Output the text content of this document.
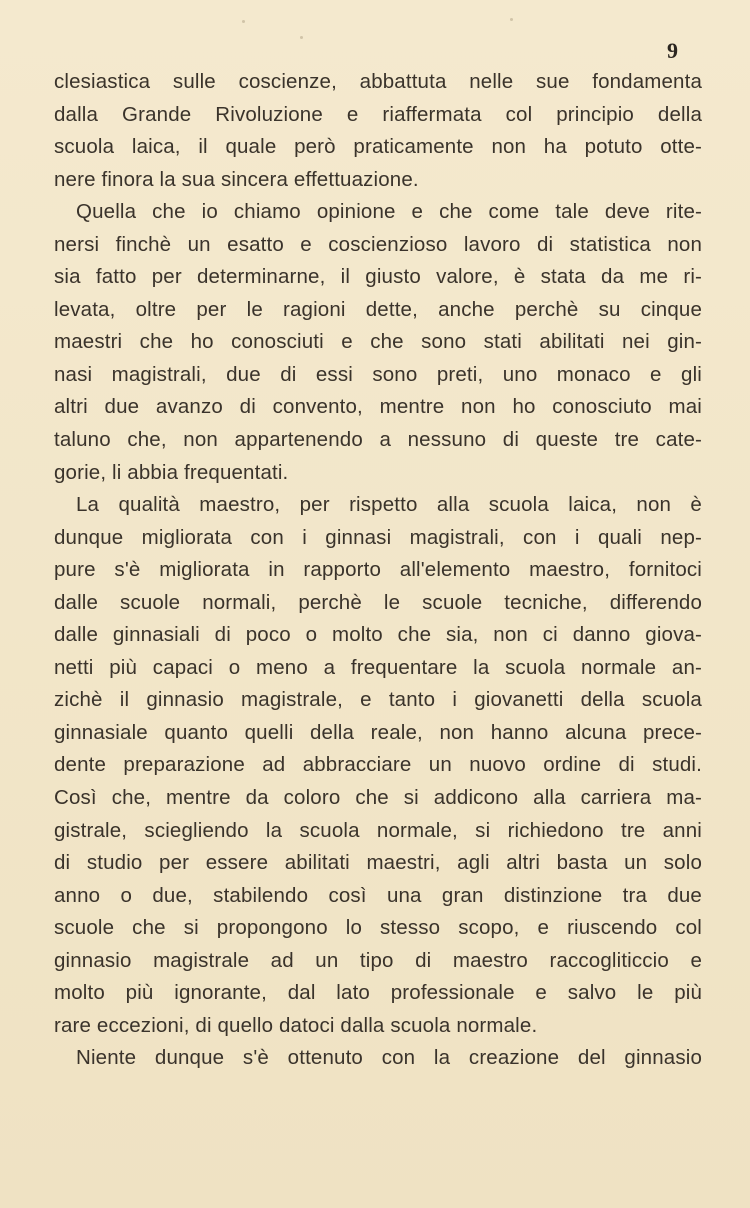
9
clesiastica sulle coscienze, abbattuta nelle sue fondamenta
dalla Grande Rivoluzione e riaffermata col principio della
scuola laica, il quale però praticamente non ha potuto otte-
nere finora la sua sincera effettuazione.
Quella che io chiamo opinione e che come tale deve rite-
nersi finchè un esatto e coscienzioso lavoro di statistica non
sia fatto per determinarne, il giusto valore, è stata da me ri-
levata, oltre per le ragioni dette, anche perchè su cinque
maestri che ho conosciuti e che sono stati abilitati nei gin-
nasi magistrali, due di essi sono preti, uno monaco e gli
altri due avanzo di convento, mentre non ho conosciuto mai
taluno che, non appartenendo a nessuno di queste tre cate-
gorie, li abbia frequentati.
La qualità maestro, per rispetto alla scuola laica, non è
dunque migliorata con i ginnasi magistrali, con i quali nep-
pure s'è migliorata in rapporto all'elemento maestro, fornitoci
dalle scuole normali, perchè le scuole tecniche, differendo
dalle ginnasiali di poco o molto che sia, non ci danno giova-
netti più capaci o meno a frequentare la scuola normale an-
zichè il ginnasio magistrale, e tanto i giovanetti della scuola
ginnasiale quanto quelli della reale, non hanno alcuna prece-
dente preparazione ad abbracciare un nuovo ordine di studi.
Così che, mentre da coloro che si addicono alla carriera ma-
gistrale, sciegliendo la scuola normale, si richiedono tre anni
di studio per essere abilitati maestri, agli altri basta un solo
anno o due, stabilendo così una gran distinzione tra due
scuole che si propongono lo stesso scopo, e riuscendo col
ginnasio magistrale ad un tipo di maestro raccogliticcio e
molto più ignorante, dal lato professionale e salvo le più
rare eccezioni, di quello datoci dalla scuola normale.
Niente dunque s'è ottenuto con la creazione del ginnasio
